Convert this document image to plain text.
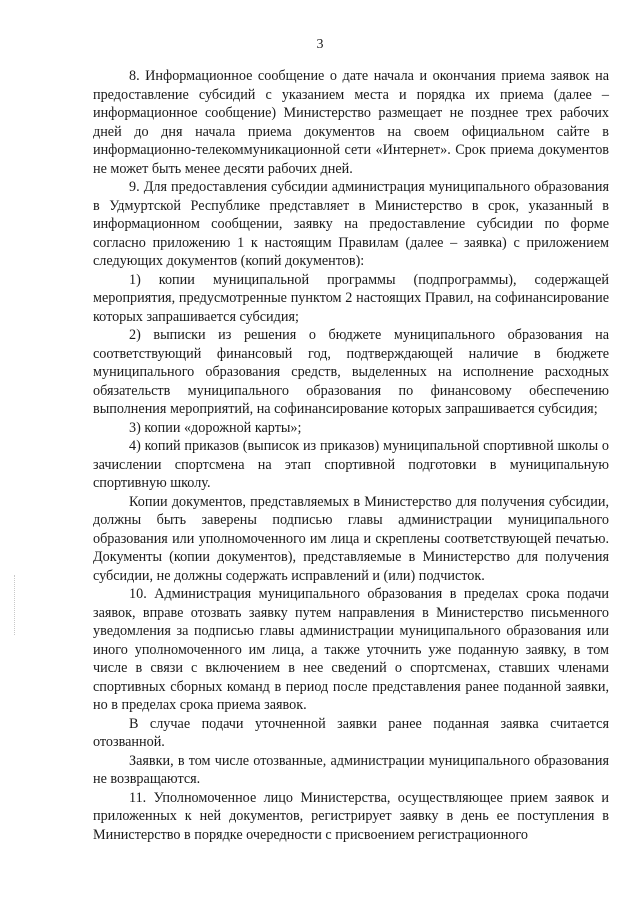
3

8. Информационное сообщение о дате начала и окончания приема заявок на предоставление субсидий с указанием места и порядка их приема (далее – информационное сообщение) Министерство размещает не позднее трех рабочих дней до дня начала приема документов на своем официальном сайте в информационно-телекоммуникационной сети «Интернет». Срок приема документов не может быть менее десяти рабочих дней.

9. Для предоставления субсидии администрация муниципального образования в Удмуртской Республике представляет в Министерство в срок, указанный в информационном сообщении, заявку на предоставление субсидии по форме согласно приложению 1 к настоящим Правилам (далее – заявка) с приложением следующих документов (копий документов):

1) копии муниципальной программы (подпрограммы), содержащей мероприятия, предусмотренные пунктом 2 настоящих Правил, на софинансирование которых запрашивается субсидия;

2) выписки из решения о бюджете муниципального образования на соответствующий финансовый год, подтверждающей наличие в бюджете муниципального образования средств, выделенных на исполнение расходных обязательств муниципального образования по финансовому обеспечению выполнения мероприятий, на софинансирование которых запрашивается субсидия;

3) копии «дорожной карты»;

4) копий приказов (выписок из приказов) муниципальной спортивной школы о зачислении спортсмена на этап спортивной подготовки в муниципальную спортивную школу.

Копии документов, представляемых в Министерство для получения субсидии, должны быть заверены подписью главы администрации муниципального образования или уполномоченного им лица и скреплены соответствующей печатью. Документы (копии документов), представляемые в Министерство для получения субсидии, не должны содержать исправлений и (или) подчисток.

10. Администрация муниципального образования в пределах срока подачи заявок, вправе отозвать заявку путем направления в Министерство письменного уведомления за подписью главы администрации муниципального образования или иного уполномоченного им лица, а также уточнить уже поданную заявку, в том числе в связи с включением в нее сведений о спортсменах, ставших членами спортивных сборных команд в период после представления ранее поданной заявки, но в пределах срока приема заявок.

В случае подачи уточненной заявки ранее поданная заявка считается отозванной.

Заявки, в том числе отозванные, администрации муниципального образования не возвращаются.

11. Уполномоченное лицо Министерства, осуществляющее прием заявок и приложенных к ней документов, регистрирует заявку в день ее поступления в Министерство в порядке очередности с присвоением регистрационного
